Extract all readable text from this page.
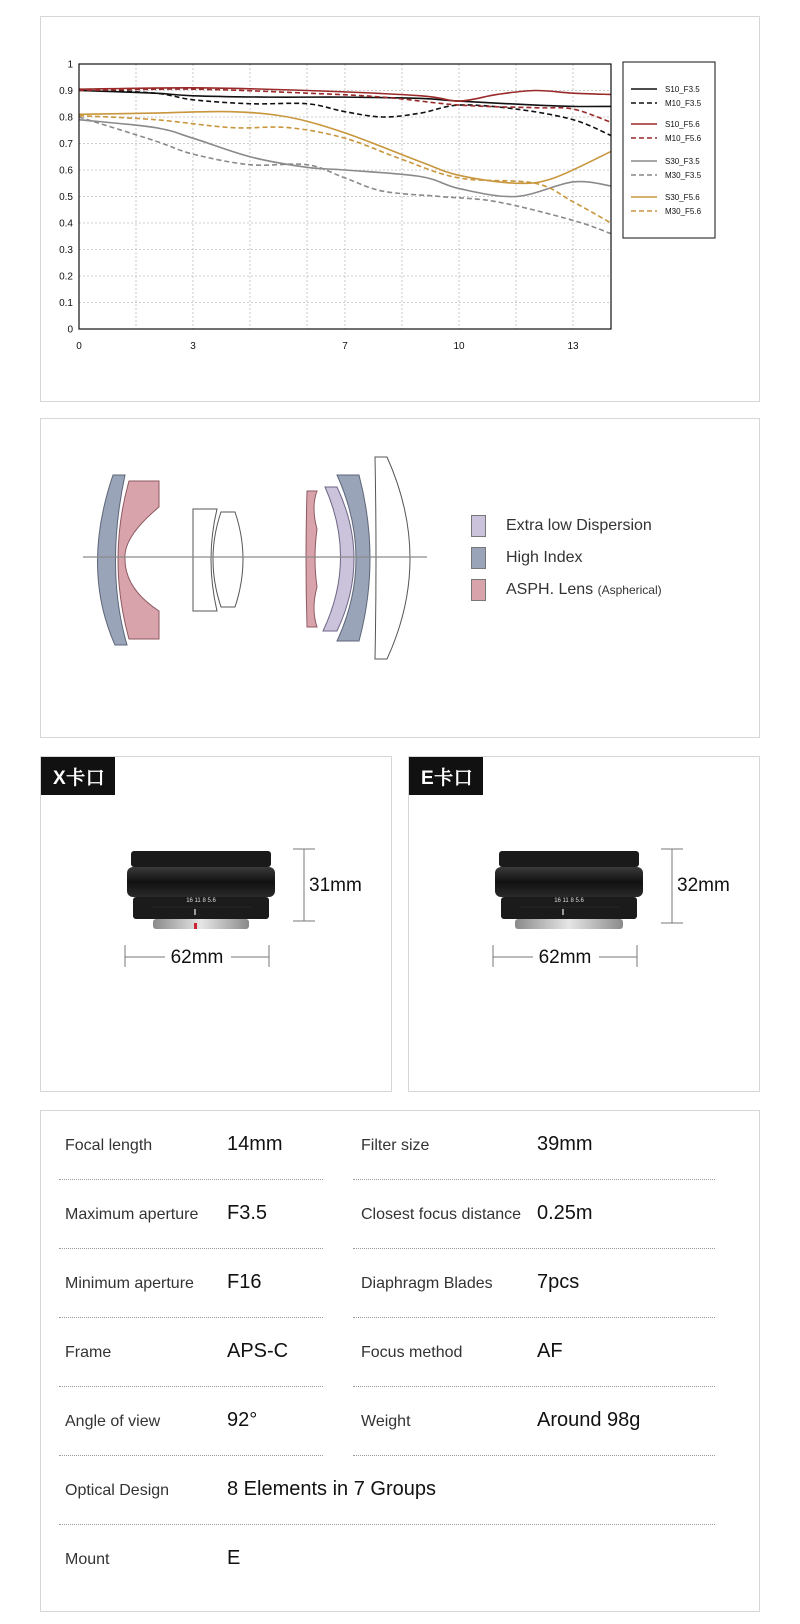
0
0.1
0.2
0.3
0.4
0.5
0.6
0.7
0.8
0.9
1
0	3	7	10	13
S10_F3.5
M10_F3.5
S10_F5.6
M10_F5.6
S30_F3.5
M30_F3.5
S30_F5.6
M30_F5.6
Extra low Dispersion
High Index
ASPH. Lens (Aspherical)
X卡口
16 11 8 5.6
31mm
62mm
E卡口
16 11 8 5.6
32mm
62mm
Focal length	14mm	Filter size	39mm
Maximum aperture F3.5	Closest focus distance 0.25m
Minimum aperture F16	Diaphragm Blades 7pcs
Frame	APS-C	Focus method	AF
Angle of view	92°	Weight	Around 98g
Optical Design	8 Elements in 7 Groups
Mount	E
